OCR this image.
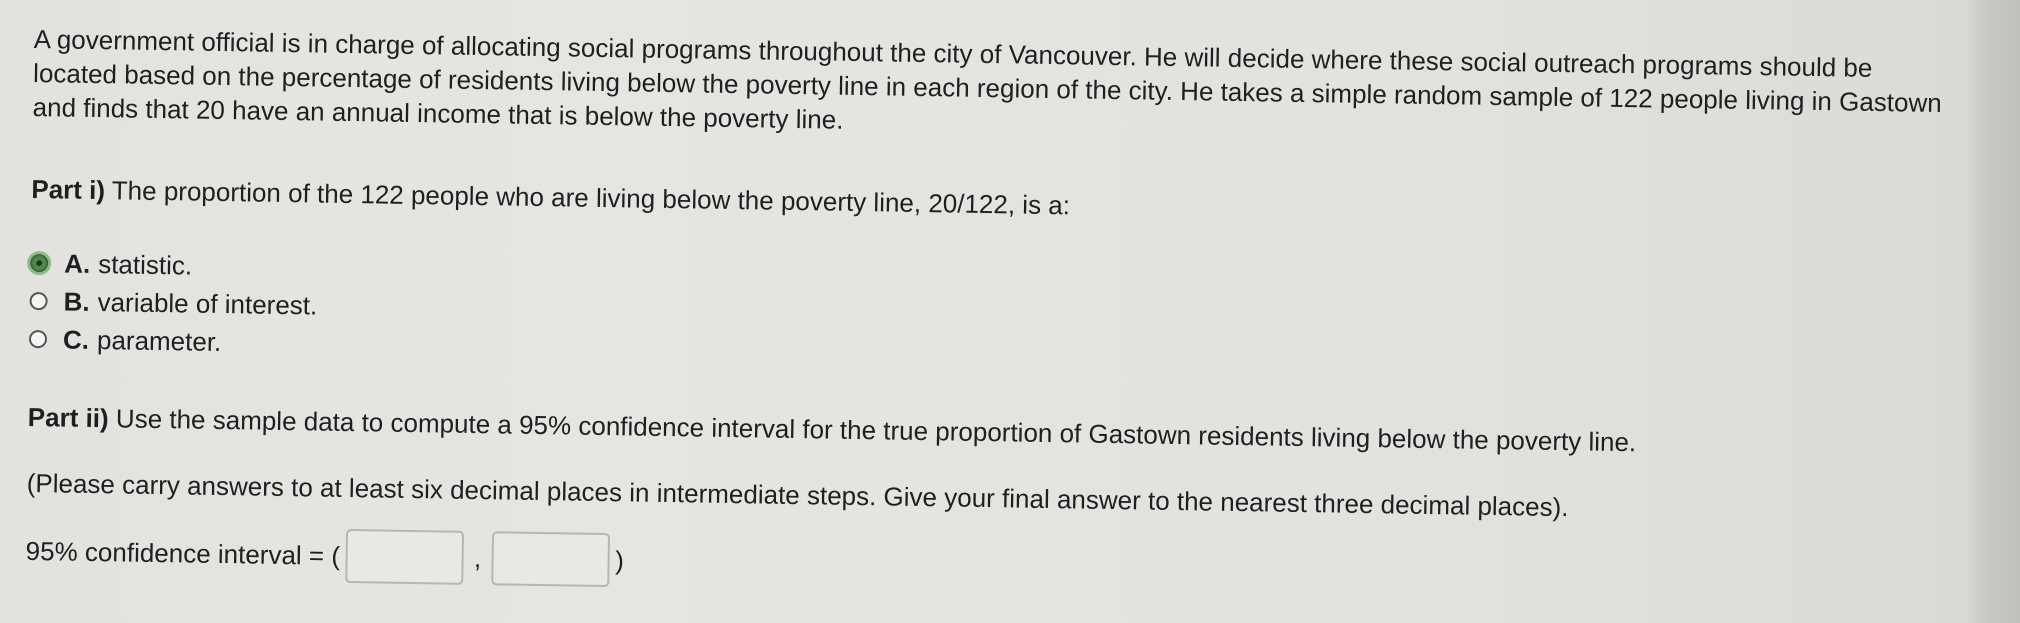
A government official is in charge of allocating social programs throughout the city of Vancouver. He will decide where these social outreach programs should be located based on the percentage of residents living below the poverty line in each region of the city. He takes a simple random sample of 122 people living in Gastown and finds that 20 have an annual income that is below the poverty line.

Part i) The proportion of the 122 people who are living below the poverty line, 20/122, is a:
A. statistic.
B. variable of interest.
C. parameter.
Part ii) Use the sample data to compute a 95% confidence interval for the true proportion of Gastown residents living below the poverty line.
(Please carry answers to at least six decimal places in intermediate steps. Give your final answer to the nearest three decimal places).
95% confidence interval = (	,	)
